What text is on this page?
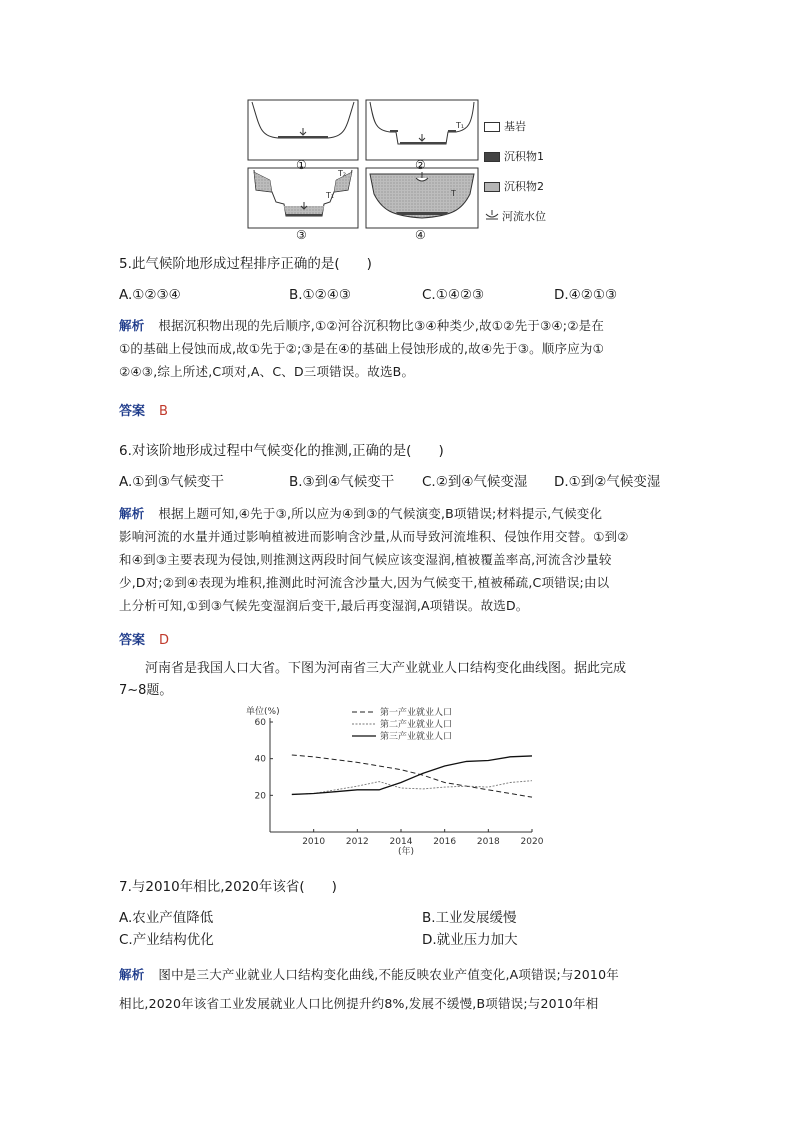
T₁
T₂
T₁	T
①	②
③	④
基岩
沉积物1
沉积物2
河流水位
5.此气候阶地形成过程排序正确的是(　　)
A.①②③④	B.①②④③	C.①④②③	D.④②①③
解析 根据沉积物出现的先后顺序,①②河谷沉积物比③④种类少,故①②先于③④;②是在
①的基础上侵蚀而成,故①先于②;③是在④的基础上侵蚀形成的,故④先于③。顺序应为①
②④③,综上所述,C项对,A、C、D三项错误。故选B。
答案 B
6.对该阶地形成过程中气候变化的推测,正确的是(　　)
A.①到③气候变干	B.③到④气候变干 C.②到④气候变湿 D.①到②气候变湿
解析 根据上题可知,④先于③,所以应为④到③的气候演变,B项错误;材料提示,气候变化
影响河流的水量并通过影响植被进而影响含沙量,从而导致河流堆积、侵蚀作用交替。①到②
和④到③主要表现为侵蚀,则推测这两段时间气候应该变湿润,植被覆盖率高,河流含沙量较
少,D对;②到④表现为堆积,推测此时河流含沙量大,因为气候变干,植被稀疏,C项错误;由以
上分析可知,①到③气候先变湿润后变干,最后再变湿润,A项错误。故选D。
答案 D
河南省是我国人口大省。下图为河南省三大产业就业人口结构变化曲线图。据此完成
7~8题。
单位(%)
(年)
20
40
60
2010 2012 2014 2016 2018 2020
第一产业就业人口
第二产业就业人口
第三产业就业人口
7.与2010年相比,2020年该省(　　)
A.农业产值降低	B.工业发展缓慢
C.产业结构优化	D.就业压力加大
解析 图中是三大产业就业人口结构变化曲线,不能反映农业产值变化,A项错误;与2010年
相比,2020年该省工业发展就业人口比例提升约8%,发展不缓慢,B项错误;与2010年相
